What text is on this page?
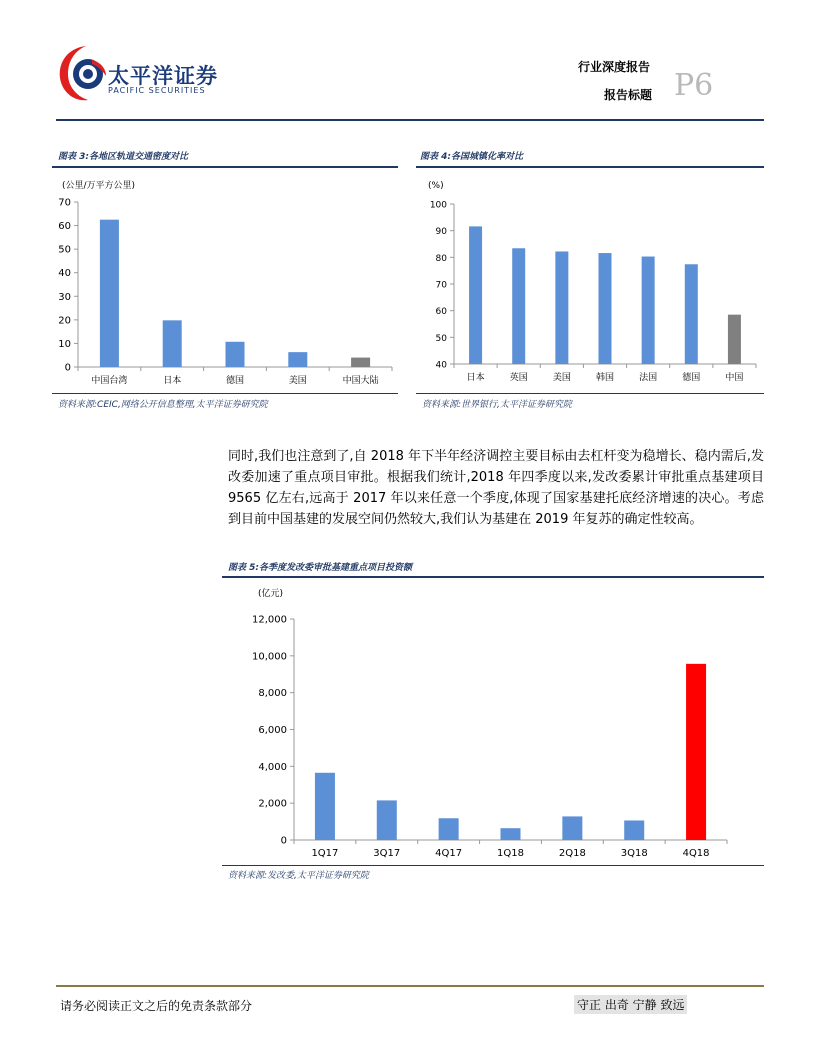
太平洋证券
PACIFIC SECURITIES
行业深度报告
报告标题 P6
图表 3:各地区轨道交通密度对比
(公里/万平方公里)
0
10
20
30
40
50
60
70
中国台湾	日本	德国	美国	中国大陆
资料来源:CEIC,网络公开信息整理,太平洋证券研究院
图表 4:各国城镇化率对比
(%)
40
50
60
70
80
90
100
日本	英国	美国	韩国	法国	德国	中国
资料来源:世界银行,太平洋证券研究院
同时,我们也注意到了,自 2018 年下半年经济调控主要目标由去杠杆变为稳增长、稳内需后,发改委加速了重点项目审批。根据我们统计,2018 年四季度以来,发改委累计审批重点基建项目 9565 亿左右,远高于 2017 年以来任意一个季度,体现了国家基建托底经济增速的决心。考虑到目前中国基建的发展空间仍然较大,我们认为基建在 2019 年复苏的确定性较高。
图表 5:各季度发改委审批基建重点项目投资额
(亿元)
0
2,000
4,000
6,000
8,000
10,000
12,000
1Q17	3Q17	4Q17	1Q18	2Q18	3Q18	4Q18
资料来源:发改委,太平洋证券研究院
请务必阅读正文之后的免责条款部分	守正 出奇 宁静 致远
